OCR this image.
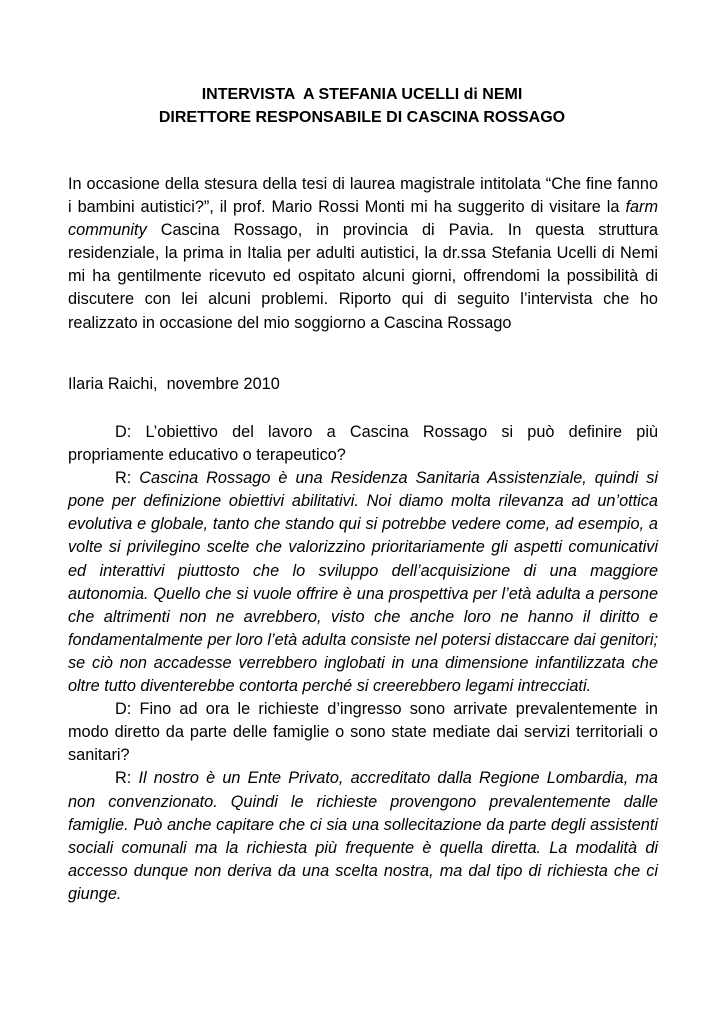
INTERVISTA  A STEFANIA UCELLI di NEMI
DIRETTORE RESPONSABILE DI CASCINA ROSSAGO
In occasione della stesura della tesi di laurea magistrale intitolata “Che fine fanno i bambini autistici?”, il prof. Mario Rossi Monti mi ha suggerito di visitare la farm community Cascina Rossago, in provincia di Pavia. In questa struttura residenziale, la prima in Italia per adulti autistici, la dr.ssa Stefania Ucelli di Nemi mi ha gentilmente ricevuto ed ospitato alcuni giorni, offrendomi la possibilità di discutere con lei alcuni problemi. Riporto qui di seguito l’intervista che ho realizzato in occasione del mio soggiorno a Cascina Rossago
Ilaria Raichi,  novembre 2010

D: L’obiettivo del lavoro a Cascina Rossago si può definire più propriamente educativo o terapeutico?

R: Cascina Rossago è una Residenza Sanitaria Assistenziale, quindi si pone per definizione obiettivi abilitativi. Noi diamo molta rilevanza ad un’ottica evolutiva e globale, tanto che stando qui si potrebbe vedere come, ad esempio, a volte si privilegino scelte che valorizzino prioritariamente gli aspetti comunicativi ed interattivi piuttosto che lo sviluppo dell’acquisizione di una maggiore autonomia. Quello che si vuole offrire è una prospettiva per l’età adulta a persone che altrimenti non ne avrebbero, visto che anche loro ne hanno il diritto e fondamentalmente per loro l’età adulta consiste nel potersi distaccare dai genitori; se ciò non accadesse verrebbero inglobati in una dimensione infantilizzata che oltre tutto diventerebbe contorta perché si creerebbero legami intrecciati.

D: Fino ad ora le richieste d’ingresso sono arrivate prevalentemente in modo diretto da parte delle famiglie o sono state mediate dai servizi territoriali o sanitari?

R: Il nostro è un Ente Privato, accreditato dalla Regione Lombardia, ma non convenzionato. Quindi le richieste provengono prevalentemente dalle famiglie. Può anche capitare che ci sia una sollecitazione da parte degli assistenti sociali comunali ma la richiesta più frequente è quella diretta. La modalità di accesso dunque non deriva da una scelta nostra, ma dal tipo di richiesta che ci giunge.
